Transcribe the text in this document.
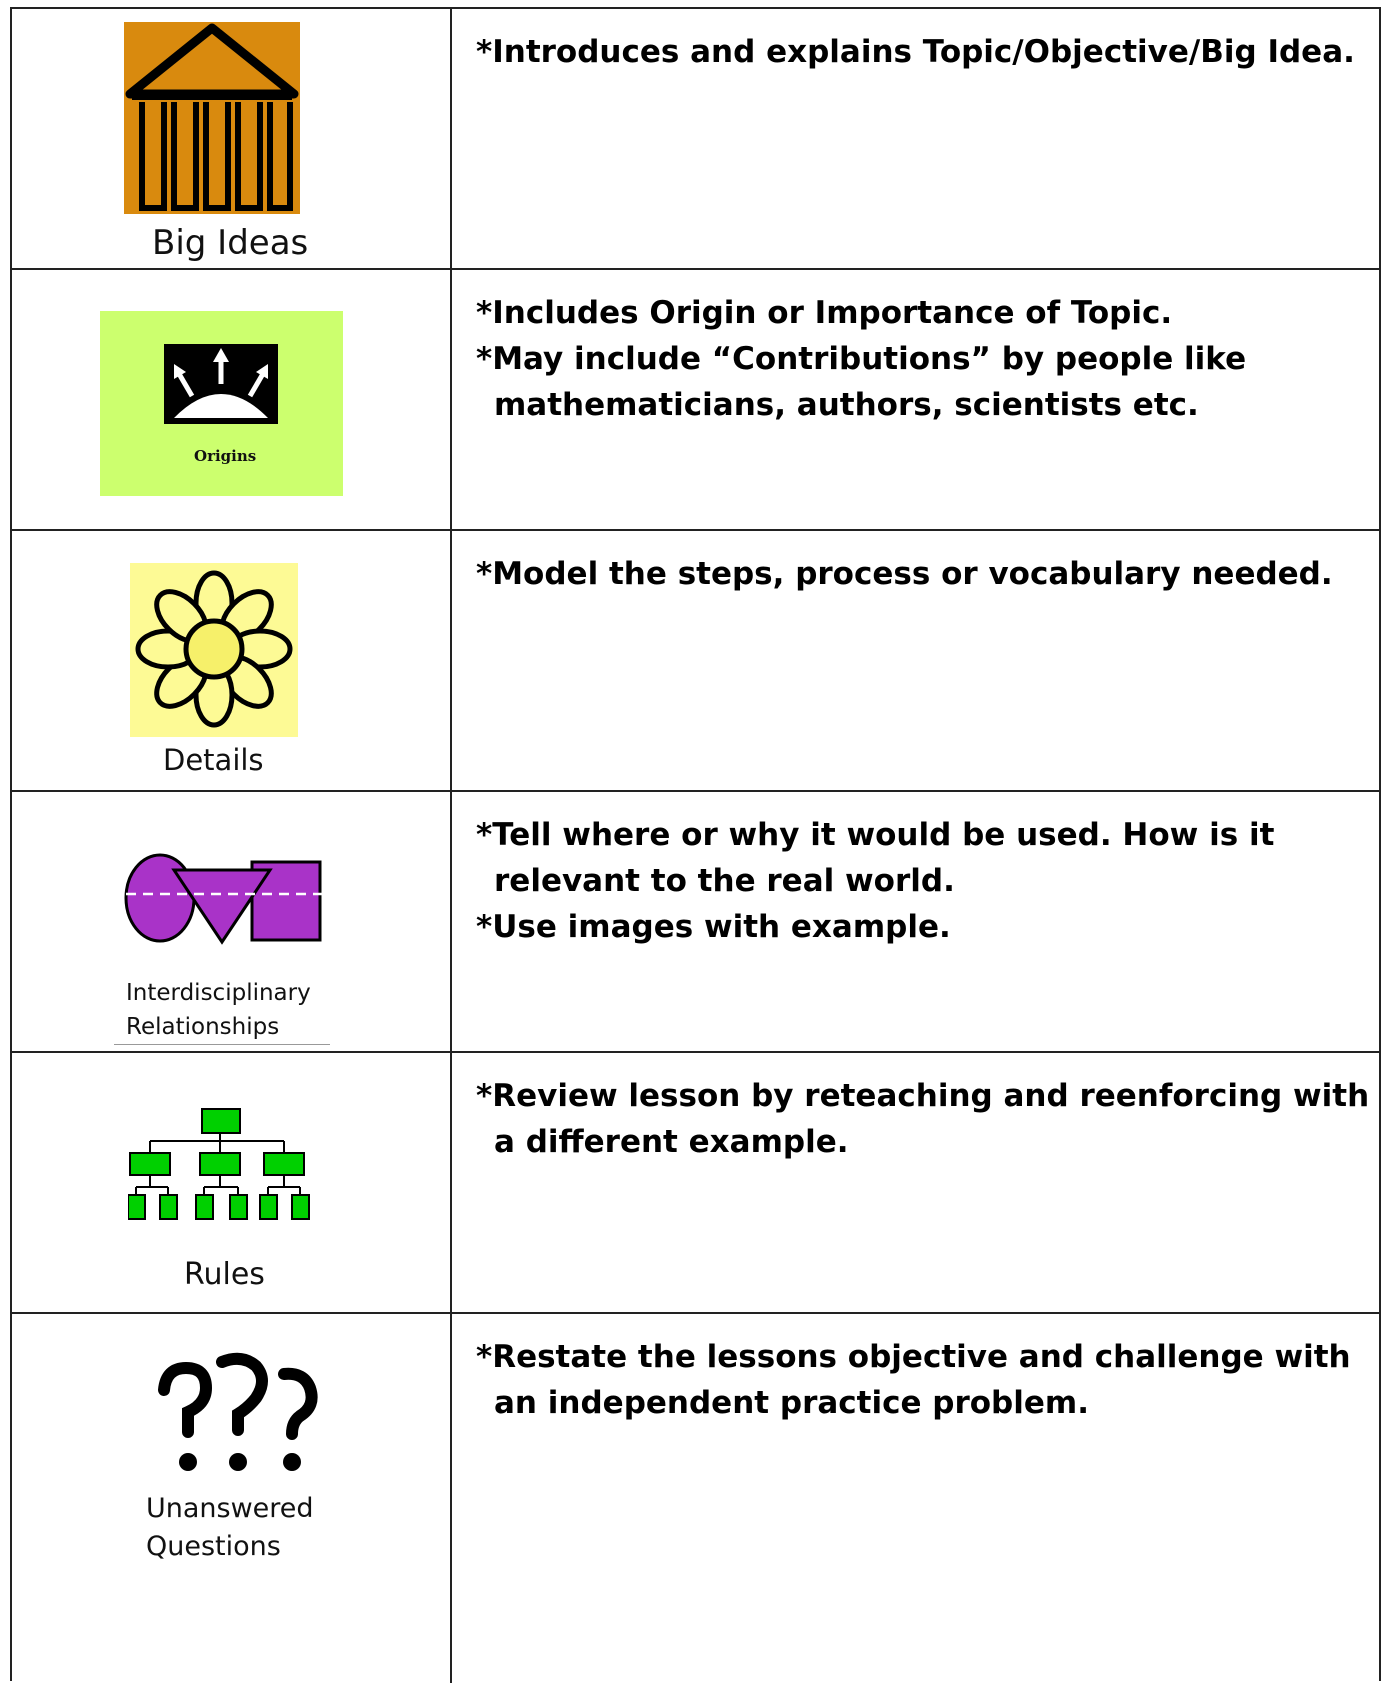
Big Ideas
*Introduces and explains Topic/Objective/Big Idea.
Origins
*Includes Origin or Importance of Topic.
*May include “Contributions” by people like
mathematicians, authors, scientists etc.
Details
*Model the steps, process or vocabulary needed.
Interdisciplinary
Relationships
*Tell where or why it would be used. How is it
relevant to the real world.
*Use images with example.
Rules
*Review lesson by reteaching and reenforcing with
a different example.
Unanswered
Questions
*Restate the lessons objective and challenge with
an independent practice problem.
